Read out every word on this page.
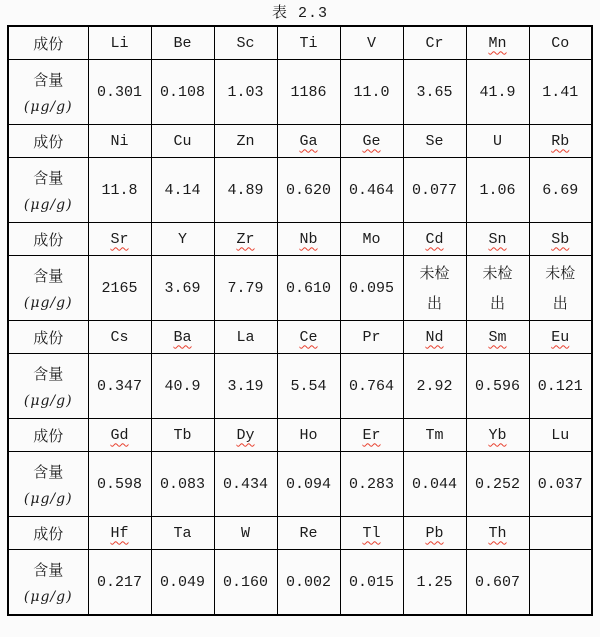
表 2.3
成份	Li	Be	Sc	Ti	V	Cr	Mn	Co

含量
(μg/g)	0.301	0.108	1.03	1186	11.0	3.65	41.9	1.41
成份	Ni	Cu	Zn	Ga	Ge	Se	U	Rb

含量
(μg/g)	11.8	4.14	4.89	0.620	0.464	0.077	1.06	6.69
成份	Sr	Y	Zr	Nb	Mo	Cd	Sn	Sb

含量
(μg/g)	2165	3.69	7.79	0.610	0.095	未检出	未检出	未检出
成份	Cs	Ba	La	Ce	Pr	Nd	Sm	Eu

含量
(μg/g)	0.347	40.9	3.19	5.54	0.764	2.92	0.596	0.121
成份	Gd	Tb	Dy	Ho	Er	Tm	Yb	Lu

含量
(μg/g)	0.598	0.083	0.434	0.094	0.283	0.044	0.252	0.037
成份	Hf	Ta	W	Re	Tl	Pb	Th	

含量
(μg/g)	0.217	0.049	0.160	0.002	0.015	1.25	0.607	
